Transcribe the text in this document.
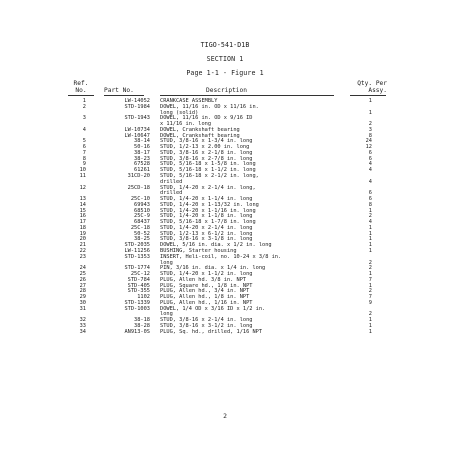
TIGO-541-D1B
SECTION 1
Page 1-1 - Figure 1
Ref. No.	Part No.	Description
Qty. Per Assy.
1	LW-14052 CRANKCASE ASSEMBLY	1
2	STD-1984 DOWEL, 11/16 in. OD x 11/16 in.
long (solid)	1
3	STD-1943 DOWEL, 11/16 in. OD x 9/16 ID
x 11/16 in. long	2
4	LW-10734 DOWEL, Crankshaft bearing	3
LW-10647 DOWEL, Crankshaft bearing	8
5	38-14 STUD, 3/8-16 x 1-3/4 in. long	24
6	50-16 STUD, 1/2-13 x 2.00 in. long	12
7	38-17 STUD, 3/8-16 x 2-1/8 in. long	6
8	38-23 STUD, 3/8-16 x 2-7/8 in. long	6
9	67528 STUD, 5/16-18 x 1-5/8 in. long	4
10	61261 STUD, 5/16-18 x 1-1/2 in. long	4
11	31CD-20 STUD, 5/16-18 x 2-1/2 in. long,
drilled	4
12	25CD-18 STUD, 1/4-20 x 2-1/4 in. long,
drilled	6
13	25C-10 STUD, 1/4-20 x 1-1/4 in. long	6
14	69943 STUD, 1/4-20 x 1-13/32 in. long	8
15	68510 STUD, 1/4-20 x 1-1/16 in. long	1
16	25C-9 STUD, 1/4-20 x 1-1/8 in. long	2
17	68437 STUD, 5/16-18 x 1-7/8 in. long	4
18	25C-18 STUD, 1/4-20 x 2-1/4 in. long	1
19	50-52 STUD, 1/2-13 x 6-1/2 in. long	1
20	38-25 STUD, 3/8-16 x 3-1/8 in. long	1
21	STD-2035 DOWEL, 5/16 in. dia. x 1/2 in. long	1
22	LW-11256 BUSHING, Starter housing	1
23	STD-1353 INSERT, Heli-coil, no. 10-24 x 3/8 in.
long	2
24	STD-1774 PIN, 3/16 in. dia. x 1/4 in. long	2
25	25C-12 STUD, 1/4-20 x 1-1/2 in. long	1
26	STD-784 PLUG, Allen hd. 3/8 in. NPT	7
27	STD-405 PLUG, Square hd., 1/8 in. NPT	1
28	STD-355 PLUG, Allen hd., 3/4 in. NPT	2
29	1102 PLUG, Allen hd., 1/8 in. NPT	7
30	STD-1339 PLUG, Allen hd., 1/16 in. NPT	9
31	STD-1003 DOWEL, 1/4 OD x 3/16 ID x 1/2 in.
long	2
32	38-18 STUD, 3/8-16 x 2-1/4 in. long	1
33	38-28 STUD, 3/8-16 x 3-1/2 in. long	1
34	AN913-0S PLUG, Sq. hd., drilled, 1/16 NPT	1
2
